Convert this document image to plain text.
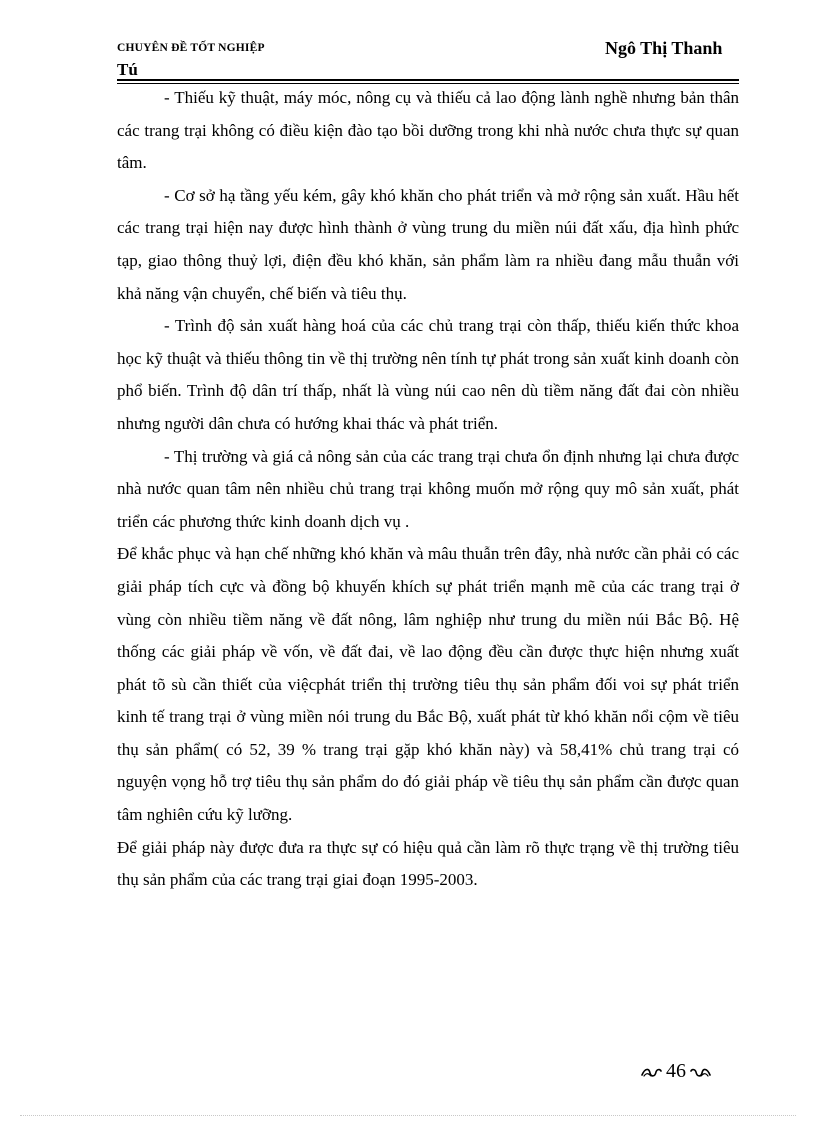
CHUYÊN ĐỀ TỐT NGHIỆP	Ngô Thị Thanh
Tú

- Thiếu kỹ thuật, máy móc, nông cụ và thiếu cả lao động lành nghề nhưng bản thân các trang trại không có điều kiện đào tạo bồi dưỡng trong khi nhà nước chưa thực sự quan tâm.

- Cơ sở hạ tầng yếu kém, gây khó khăn cho phát triển và mở rộng sản xuất. Hầu hết các trang trại hiện nay được hình thành ở vùng trung du miền núi đất xấu, địa hình phức tạp, giao thông thuỷ lợi, điện đều khó khăn, sản phẩm làm ra nhiều đang mẫu thuẫn với khả năng vận chuyển, chế biến và tiêu thụ.

- Trình độ sản xuất hàng hoá của các chủ trang trại còn thấp, thiếu kiến thức khoa học kỹ thuật và thiếu thông tin về thị trường nên tính tự phát trong sản xuất kinh doanh còn phổ biến. Trình độ dân trí thấp, nhất là vùng núi cao nên dù tiềm năng đất đai còn nhiều nhưng người dân chưa có hướng khai thác và phát triển.

- Thị trường và giá cả nông sản của các trang trại chưa ổn định nhưng lại chưa được nhà nước quan tâm nên nhiều chủ trang trại không muốn mở rộng quy mô sản xuất, phát triển các phương thức kinh doanh dịch vụ .

Để khắc phục và hạn chế những khó khăn và mâu thuẫn trên đây, nhà nước cần phải có các giải pháp tích cực và đồng bộ khuyến khích sự phát triển mạnh mẽ của các trang trại ở vùng còn nhiều tiềm năng về đất nông, lâm nghiệp như trung du miền núi Bắc Bộ. Hệ thống các giải pháp về vốn, về đất đai, về lao động đều cần được thực hiện nhưng xuất phát tõ sù cần thiết của việcphát triển thị trường tiêu thụ sản phẩm đối voi sự phát triển kinh tế trang trại ở vùng miền nói trung du Bắc Bộ, xuất phát từ khó khăn nổi cộm về tiêu thụ sản phẩm( có 52, 39 % trang trại gặp khó khăn này) và 58,41% chủ trang trại có nguyện vọng hỗ trợ tiêu thụ sản phẩm do đó giải pháp về tiêu thụ sản phẩm cần được quan tâm nghiên cứu kỹ lưỡng.

Để giải pháp này được đưa ra thực sự có hiệu quả cần làm rõ thực trạng về thị trường tiêu thụ sản phẩm của các trang trại giai đoạn 1995-2003.

46
